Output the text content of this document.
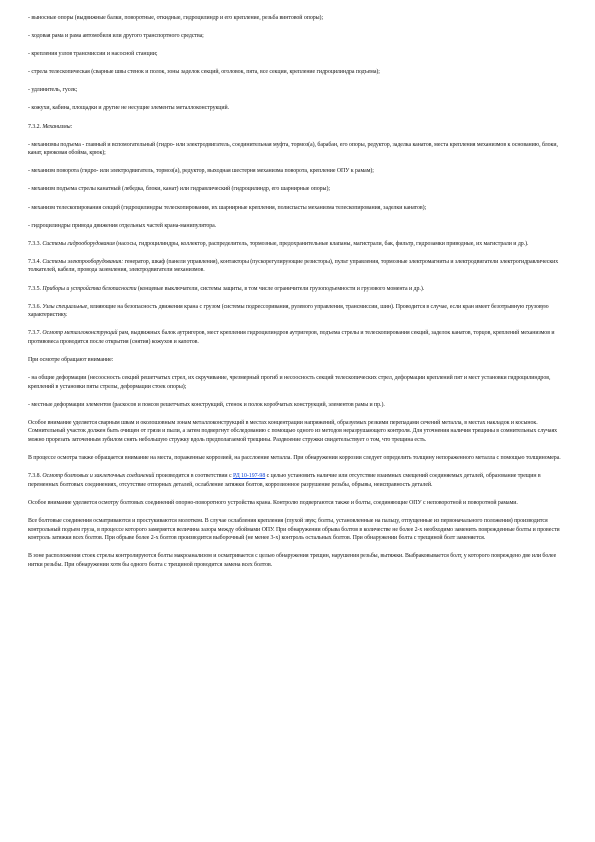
- выносные опоры (выдвижные балки, поворотные, откидные, гидроцилиндр и его крепление, резьба винтовой опоры);

- ходовая рама и рама автомобиля или другого транспортного средства;

- крепления узлов трансмиссии и насосной станции;

- стрела телескопическая (сварные швы стенок и полок, зоны заделок секций, оголовок, пята, все секции, крепление гидроцилиндра подъема);

- удлинитель, гусек;

- кожухи, кабина, площадки и другие не несущие элементы металлоконструкций.

7.3.2. Механизмы:

- механизмы подъема - главный и вспомогательный (гидро- или электродвигатель, соединительная муфта, тормоз(а), барабан, его опоры, редуктор, заделка канатов, места крепления механизмов к основанию, блоки, канат, крюковая обойма, крюк);

- механизм поворота (гидро- или электродвигатель, тормоз(а), редуктор, выходная шестерня механизма поворота, крепление ОПУ к рамам);

- механизм подъема стрелы канатный (лебедка, блоки, канат) или гидравлический (гидроцилиндр, его шарнирные опоры);

- механизм телескопирования секций (гидроцилиндры телескопирования, их шарнирные крепления, полиспасты механизма телескопирования, заделки канатов);

- гидроцилиндры привода движения отдельных частей крана-манипулятора.

7.3.3. Системы гидрооборудования (насосы, гидроцилиндры, коллектор, распределитель, тормозные, предохранительные клапаны, магистрали, бак, фильтр, гидрозамки приводные, их магистрали и др.).

7.3.4. Системы электрооборудования: генератор, шкаф (панели управления), контакторы (пускорегулирующие резисторы), пульт управления, тормозные электромагниты и электродвигатели электрогидравлических толкателей, кабели, провода заземления, электродвигатели механизмов.

7.3.5. Приборы и устройства безопасности (концевые выключатели, системы защиты, в том числе ограничители грузоподъемности и грузового момента и др.).

7.3.6. Узлы специальные, влияющие на безопасность движения крана с грузом (системы подрессоривания, рулевого управления, трансмиссии, шин). Проводится в случае, если кран имеет безотрывную грузовую характеристику.

7.3.7. Осмотр металлоконструкций рам, выдвижных балок аутригеров, мест крепления гидроцилиндров аутригеров, подъема стрелы и телескопирования секций, заделок канатов, торцов, креплений механизмов и противовеса проводится после открытия (снятия) кожухов и капотов.

При осмотре обращают внимание:

- на общие деформации (несоосность секций решетчатых стрел, их скручивание, чрезмерный прогиб и несоосность секций телескопических стрел, деформации креплений пят и мест установки гидроцилиндров, креплений в установки пяты стрелы, деформации стоек опоры);

- местные деформации элементов (раскосов и поясов решетчатых конструкций, стенок и полок коробчатых конструкций, элементов рамы и пр.).

Особое внимание уделяется сварным швам и околошовным зонам металлоконструкций в местах концентрации напряжений, образуемых резкими перепадами сечений металла, в местах накладок и косынок. Сомнительный участок должен быть очищен от грязи и пыли, а затем подвергнут обследованию с помощью одного из методов неразрушающего контроля. Для уточнения наличия трещины в сомнительных случаях можно прорезать заточенным зубилом снять небольшую стружку вдоль предполагаемой трещины. Раздвоение стружки свидетельствует о том, что трещина есть.

В процессе осмотра также обращается внимание на места, пораженные коррозией, на расслоение металла. При обнаружении коррозии следует определить толщину непораженного металла с помощью толщиномера.

7.3.8. Осмотр болтовых и заклепочных соединений производится в соответствии с РД 10-197-98 с целью установить наличие или отсутствие взаимных смещений соединяемых деталей, образование трещин в переменных болтовых соединениях, отсутствие отпорных деталей, ослабление затяжки болтов, коррозионное разрушение резьбы, обрывы, неисправность деталей.

Особое внимание уделяется осмотру болтовых соединений опорно-поворотного устройства крана. Контролю подвергаются также и болты, соединяющие ОПУ с неповоротной и поворотной рамами.

Все болтовые соединения осматриваются и простукиваются молотком. В случае ослабления крепления (глухой звук; болты, установленные на пальцу, отпущенные из первоначального положения) производится контрольный подъем груза, в процессе которого замеряется величина зазора между обоймами ОПУ. При обнаружении обрыва болтов в количестве не более 2-х необходимо заменить поврежденные болты и провести контроль затяжки всех болтов. При обрыве более 2-х болтов производится выборочный (не менее 3-х) контроль остальных болтов. При обнаружении болта с трещиной болт заменяется.

В зоне расположения стоек стрелы контролируются болты макроанализом и осматривается с целью обнаружения трещин, нарушения резьбы, вытяжки. Выбраковывается болт, у которого повреждено две или более нитки резьбы. При обнаружении хотя бы одного болта с трещиной проводится замена всех болтов.
